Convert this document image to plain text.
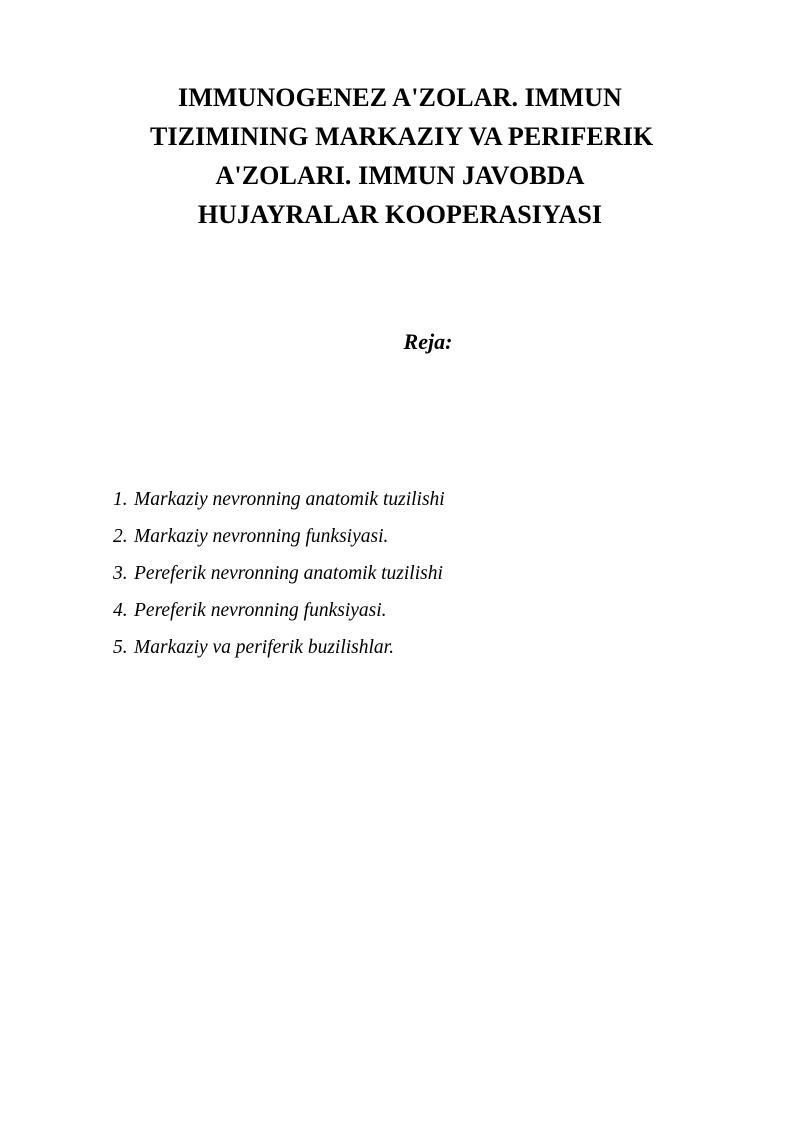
IMMUNOGENEZ A'ZOLAR. IMMUN
TIZIMINING MARKAZIY VA PERIFERIK
A'ZOLARI. IMMUN JAVOBDA
HUJAYRALAR KOOPERASIYASI
Reja:
1. Markaziy nevronning anatomik tuzilishi
2. Markaziy nevronning funksiyasi.
3. Pereferik nevronning anatomik tuzilishi
4. Pereferik nevronning funksiyasi.
5. Markaziy va periferik buzilishlar.
